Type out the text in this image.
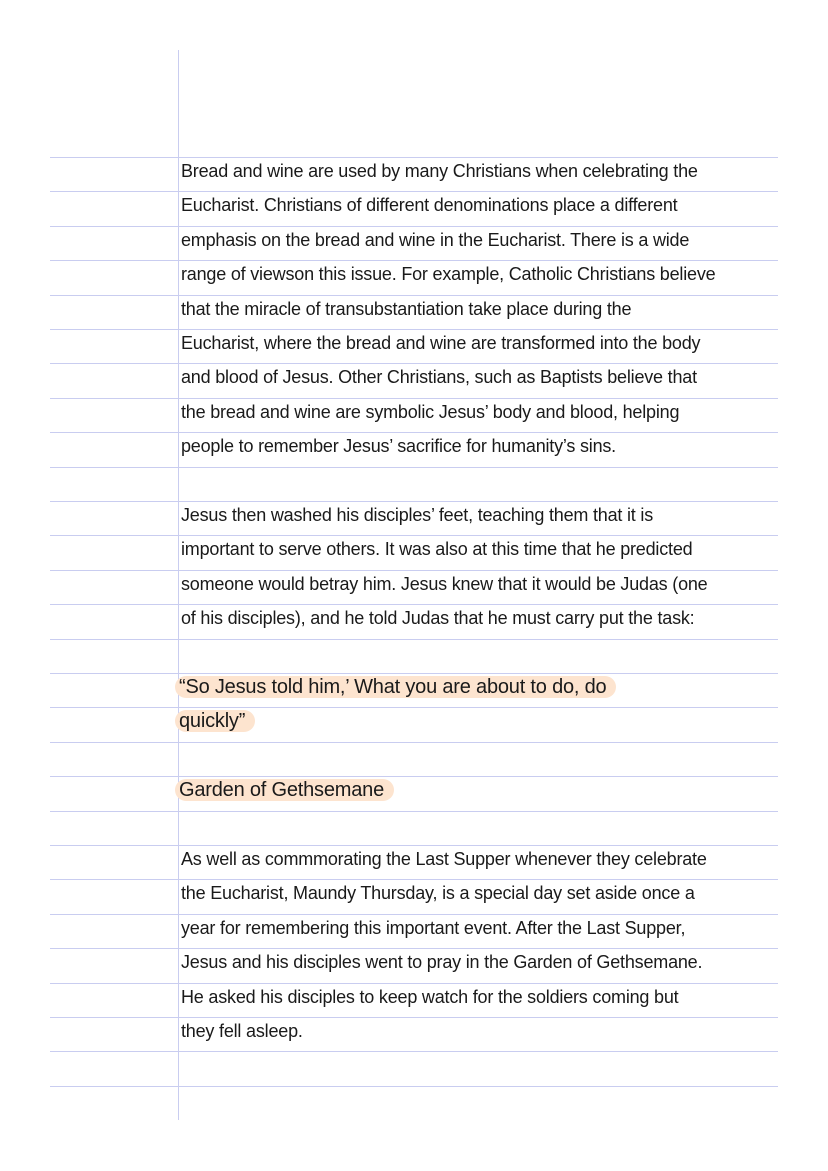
Bread and wine are used by many Christians when celebrating the
Eucharist. Christians of different denominations place a different
emphasis on the bread and wine in the Eucharist. There is a wide
range of viewson this issue. For example, Catholic Christians believe
that the miracle of transubstantiation take place during the
Eucharist, where the bread and wine are transformed into the body
and blood of Jesus. Other Christians, such as Baptists believe that
the bread and wine are symbolic Jesus’ body and blood, helping
people to remember Jesus’ sacrifice for humanity’s sins.
Jesus then washed his disciples’ feet, teaching them that it is
important to serve others. It was also at this time that he predicted
someone would betray him. Jesus knew that it would be Judas (one
of his disciples), and he told Judas that he must carry put the task:
“So Jesus told him,’ What you are about to do, do
quickly”
Garden of Gethsemane
As well as commmorating the Last Supper whenever they celebrate
the Eucharist, Maundy Thursday, is a special day set aside once a
year for remembering this important event. After the Last Supper,
Jesus and his disciples went to pray in the Garden of Gethsemane.
He asked his disciples to keep watch for the soldiers coming but
they fell asleep.
